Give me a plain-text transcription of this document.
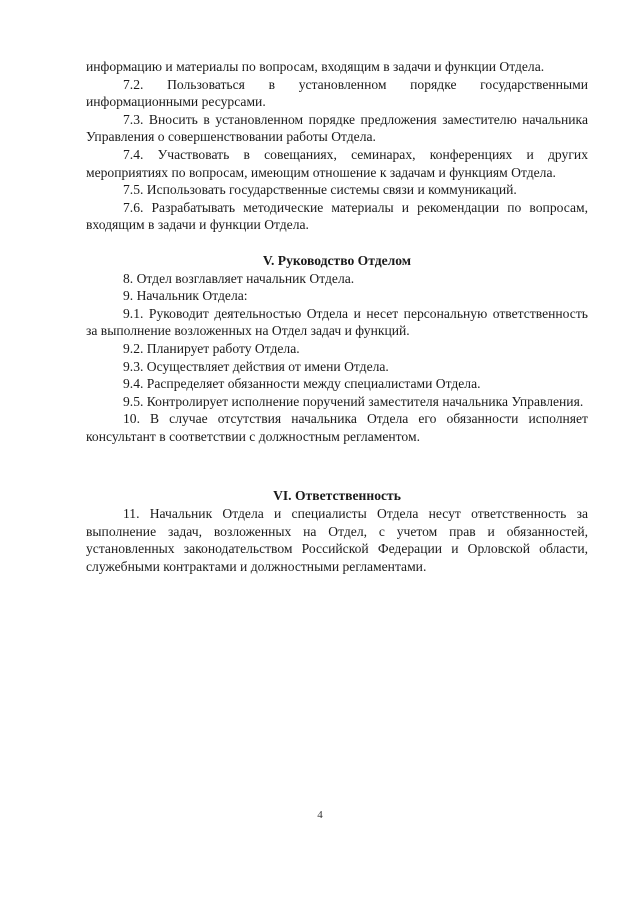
информацию и материалы по вопросам, входящим в задачи и функции Отдела.

7.2. Пользоваться в установленном порядке государственными информационными ресурсами.

7.3. Вносить в установленном порядке предложения заместителю начальника Управления о совершенствовании работы Отдела.

7.4. Участвовать в совещаниях, семинарах, конференциях и других мероприятиях по вопросам, имеющим отношение к задачам и функциям Отдела.

7.5. Использовать государственные системы связи и коммуникаций.

7.6. Разрабатывать методические материалы и рекомендации по вопросам, входящим в задачи и функции Отдела.

V. Руководство Отделом

8. Отдел возглавляет начальник Отдела.

9. Начальник Отдела:

9.1. Руководит деятельностью Отдела и несет персональную ответственность за выполнение возложенных на Отдел задач и функций.

9.2. Планирует работу Отдела.

9.3. Осуществляет действия от имени Отдела.

9.4. Распределяет обязанности между специалистами Отдела.

9.5. Контролирует исполнение поручений заместителя начальника Управления.

10. В случае отсутствия начальника Отдела его обязанности исполняет консультант в соответствии с должностным регламентом.

VI. Ответственность

11. Начальник Отдела и специалисты Отдела несут ответственность за выполнение задач, возложенных на Отдел, с учетом прав и обязанностей, установленных законодательством Российской Федерации и Орловской области, служебными контрактами и должностными регламентами.

4
